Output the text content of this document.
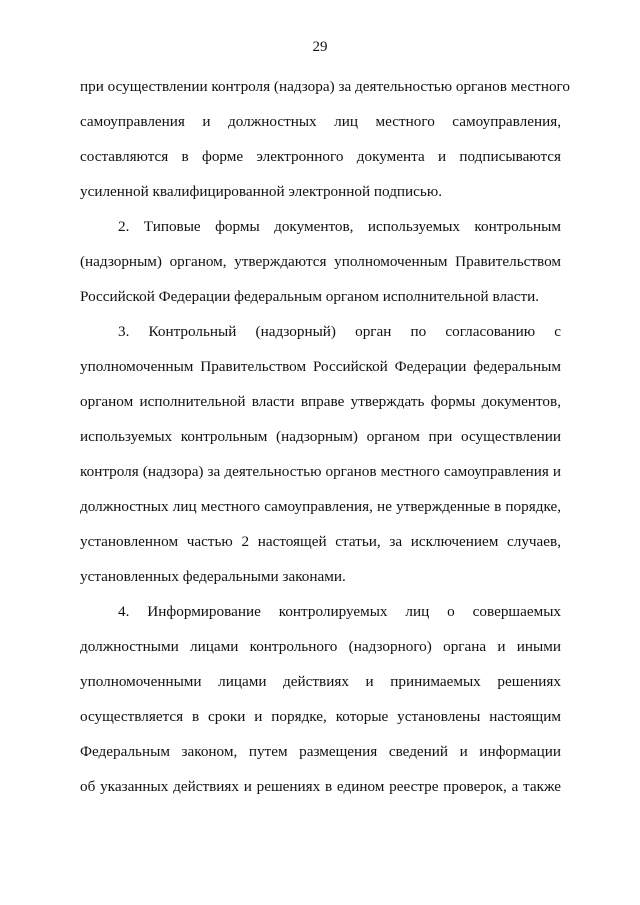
29
при осуществлении контроля (надзора) за деятельностью органов местного
самоуправления и должностных лиц местного самоуправления,
составляются в форме электронного документа и подписываются
усиленной квалифицированной электронной подписью.
2. Типовые формы документов, используемых контрольным
(надзорным) органом, утверждаются уполномоченным Правительством
Российской Федерации федеральным органом исполнительной власти.
3. Контрольный (надзорный) орган по согласованию с
уполномоченным Правительством Российской Федерации федеральным
органом исполнительной власти вправе утверждать формы документов,
используемых контрольным (надзорным) органом при осуществлении
контроля (надзора) за деятельностью органов местного самоуправления и
должностных лиц местного самоуправления, не утвержденные в порядке,
установленном частью 2 настоящей статьи, за исключением случаев,
установленных федеральными законами.
4. Информирование контролируемых лиц о совершаемых
должностными лицами контрольного (надзорного) органа и иными
уполномоченными лицами действиях и принимаемых решениях
осуществляется в сроки и порядке, которые установлены настоящим
Федеральным законом, путем размещения сведений и информации
об указанных действиях и решениях в едином реестре проверок, а также
